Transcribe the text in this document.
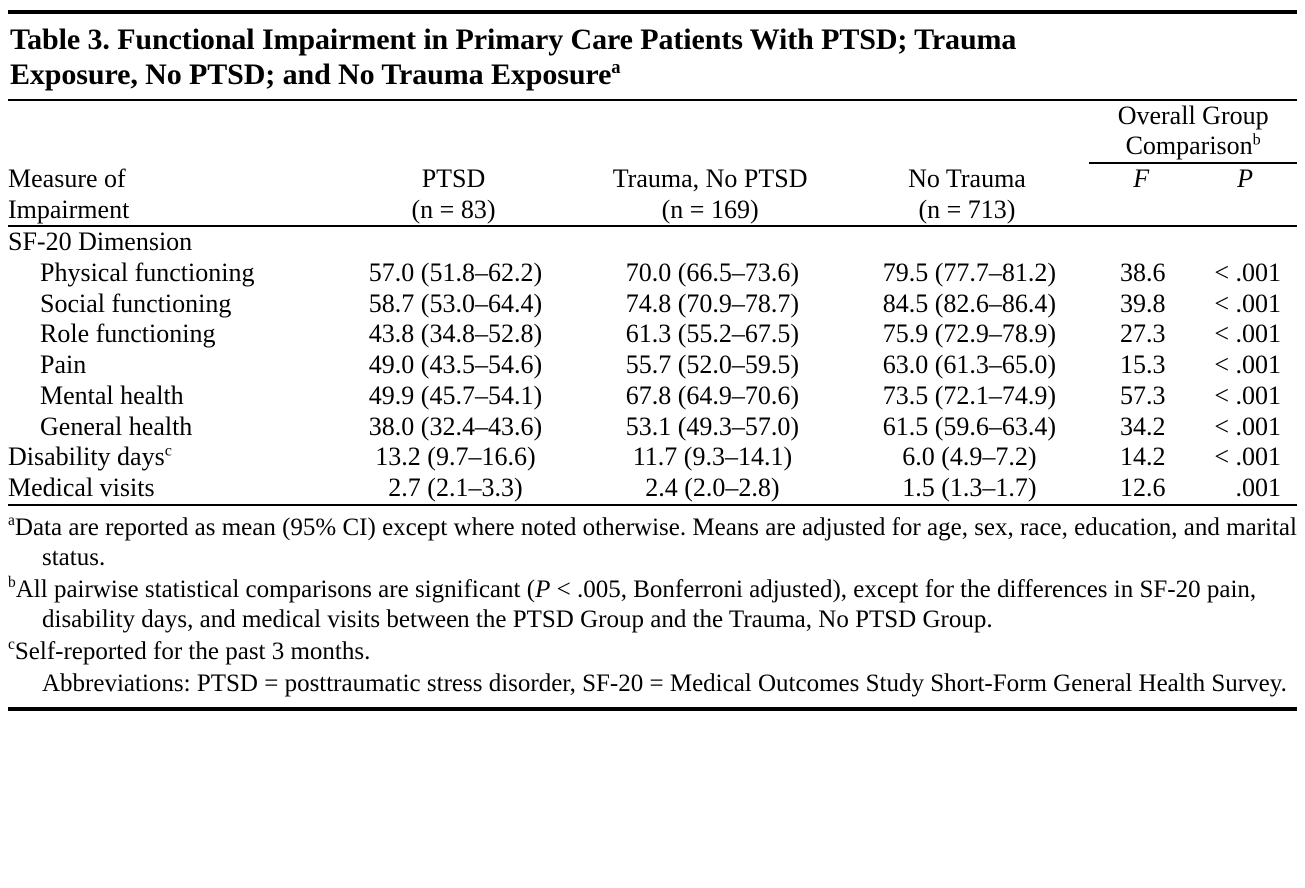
Table 3. Functional Impairment in Primary Care Patients With PTSD; Trauma
Exposure, No PTSD; and No Trauma Exposure$^a$

				Overall Group
Comparison$^b$

Measure of	PTSD	Trauma, No PTSD	No Trauma	F	P
Impairment	(n = 83)	(n = 169)	(n = 713)		
SF-20 Dimension					
Physical functioning	57.0 (51.8–62.2)	70.0 (66.5–73.6)	79.5 (77.7–81.2)	38.6	< .001
Social functioning	58.7 (53.0–64.4)	74.8 (70.9–78.7)	84.5 (82.6–86.4)	39.8	< .001
Role functioning	43.8 (34.8–52.8)	61.3 (55.2–67.5)	75.9 (72.9–78.9)	27.3	< .001
Pain	49.0 (43.5–54.6)	55.7 (52.0–59.5)	63.0 (61.3–65.0)	15.3	< .001
Mental health	49.9 (45.7–54.1)	67.8 (64.9–70.6)	73.5 (72.1–74.9)	57.3	< .001
General health	38.0 (32.4–43.6)	53.1 (49.3–57.0)	61.5 (59.6–63.4)	34.2	< .001
Disability days$^c$	13.2 (9.7–16.6)	11.7 (9.3–14.1)	6.0 (4.9–7.2)	14.2	< .001
Medical visits	2.7 (2.1–3.3)	2.4 (2.0–2.8)	1.5 (1.3–1.7)	12.6	.001
$^a$Data are reported as mean (95% CI) except where noted otherwise. Means are adjusted for age, sex, race, education, and marital status.
$^b$All pairwise statistical comparisons are significant (P < .005, Bonferroni adjusted), except for the differences in SF-20 pain, disability days, and medical visits between the PTSD Group and the Trauma, No PTSD Group.
$^c$Self-reported for the past 3 months.
Abbreviations: PTSD = posttraumatic stress disorder, SF-20 = Medical Outcomes Study Short-Form General Health Survey.
